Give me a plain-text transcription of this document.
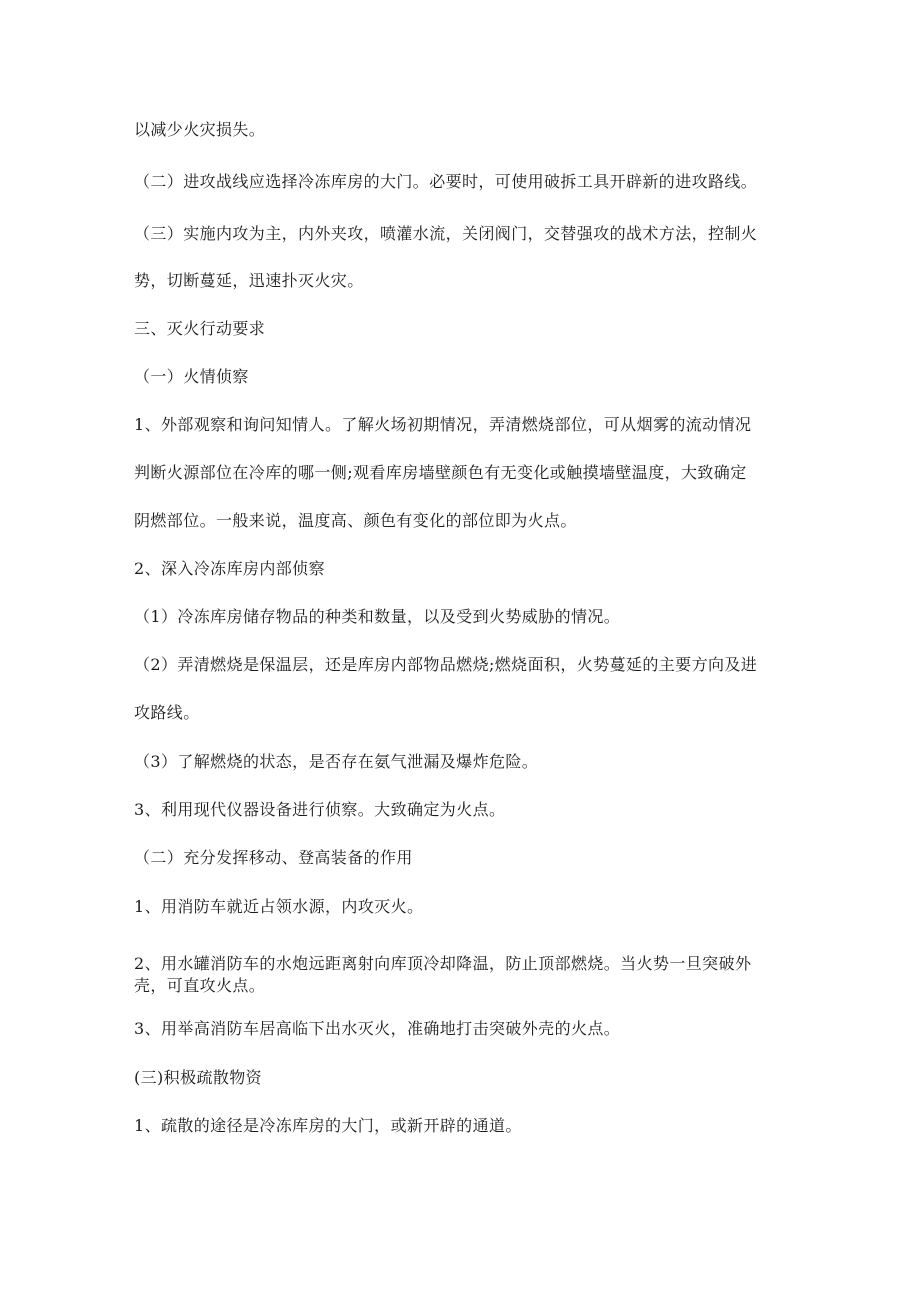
以减少火灾损失。
（二）进攻战线应选择冷冻库房的大门。必要时，可使用破拆工具开辟新的进攻路线。
（三）实施内攻为主，内外夹攻，喷灌水流，关闭阀门，交替强攻的战术方法，控制火
势，切断蔓延，迅速扑灭火灾。
三、灭火行动要求
（一）火情侦察
1、外部观察和询问知情人。了解火场初期情况，弄清燃烧部位，可从烟雾的流动情况
判断火源部位在冷库的哪一侧;观看库房墙壁颜色有无变化或触摸墙壁温度，大致确定
阴燃部位。一般来说，温度高、颜色有变化的部位即为火点。
2、深入冷冻库房内部侦察
（1）冷冻库房储存物品的种类和数量，以及受到火势威胁的情况。
（2）弄清燃烧是保温层，还是库房内部物品燃烧;燃烧面积，火势蔓延的主要方向及进
攻路线。
（3）了解燃烧的状态，是否存在氨气泄漏及爆炸危险。
3、利用现代仪器设备进行侦察。大致确定为火点。
（二）充分发挥移动、登高装备的作用
1、用消防车就近占领水源，内攻灭火。
2、用水罐消防车的水炮远距离射向库顶冷却降温，防止顶部燃烧。当火势一旦突破外
壳，可直攻火点。
3、用举高消防车居高临下出水灭火，准确地打击突破外壳的火点。
(三)积极疏散物资
1、疏散的途径是冷冻库房的大门，或新开辟的通道。
